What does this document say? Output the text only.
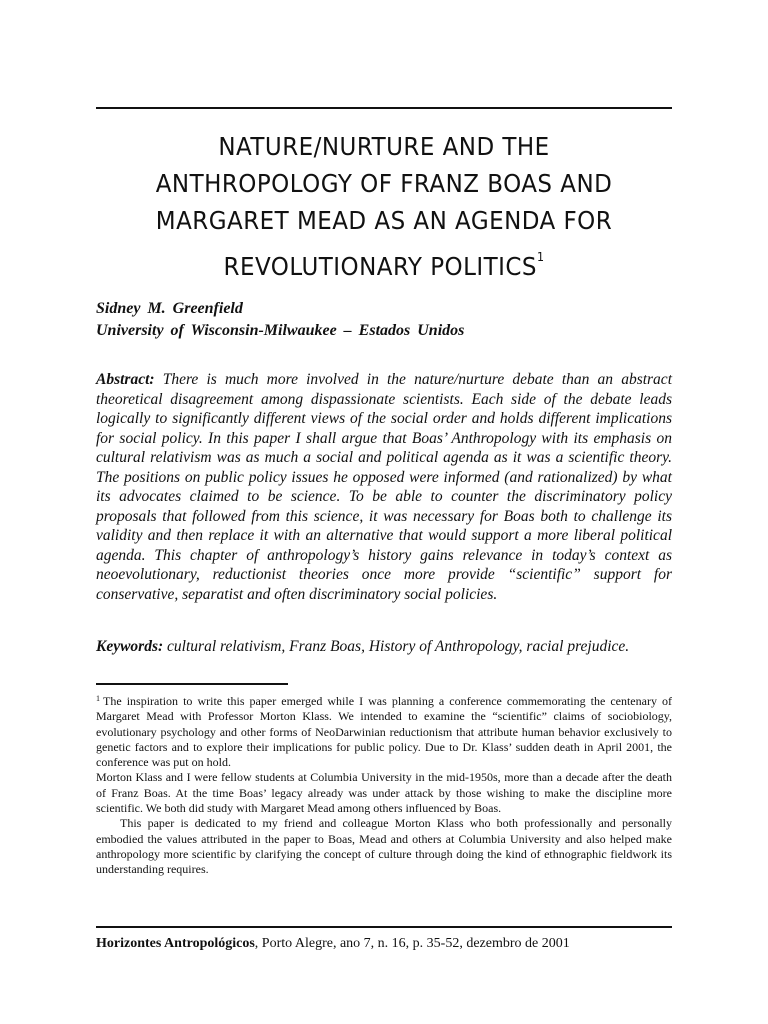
NATURE/NURTURE AND THE ANTHROPOLOGY OF FRANZ BOAS AND MARGARET MEAD AS AN AGENDA FOR REVOLUTIONARY POLITICS$^1$
Sidney M. Greenfield
University of Wisconsin-Milwaukee – Estados Unidos
Abstract: There is much more involved in the nature/nurture debate than an abstract theoretical disagreement among dispassionate scientists. Each side of the debate leads logically to significantly different views of the social order and holds different implications for social policy. In this paper I shall argue that Boas’ Anthropology with its emphasis on cultural relativism was as much a social and political agenda as it was a scientific theory. The positions on public policy issues he opposed were informed (and rationalized) by what its advocates claimed to be science. To be able to counter the discriminatory policy proposals that followed from this science, it was necessary for Boas both to challenge its validity and then replace it with an alternative that would support a more liberal political agenda. This chapter of anthropology’s history gains relevance in today’s context as neoevolutionary, reductionist theories once more provide “scientific” support for conservative, separatist and often discriminatory social policies.
Keywords: cultural relativism, Franz Boas, History of Anthropology, racial prejudice.

$^1$ The inspiration to write this paper emerged while I was planning a conference commemorating the centenary of Margaret Mead with Professor Morton Klass. We intended to examine the “scientific” claims of sociobiology, evolutionary psychology and other forms of NeoDarwinian reductionism that attribute human behavior exclusively to genetic factors and to explore their implications for public policy. Due to Dr. Klass’ sudden death in April 2001, the conference was put on hold.

Morton Klass and I were fellow students at Columbia University in the mid-1950s, more than a decade after the death of Franz Boas. At the time Boas’ legacy already was under attack by those wishing to make the discipline more scientific. We both did study with Margaret Mead among others influenced by Boas.

This paper is dedicated to my friend and colleague Morton Klass who both professionally and personally embodied the values attributed in the paper to Boas, Mead and others at Columbia University and also helped make anthropology more scientific by clarifying the concept of culture through doing the kind of ethnographic fieldwork its understanding requires.

Horizontes Antropológicos, Porto Alegre, ano 7, n. 16, p. 35-52, dezembro de 2001
